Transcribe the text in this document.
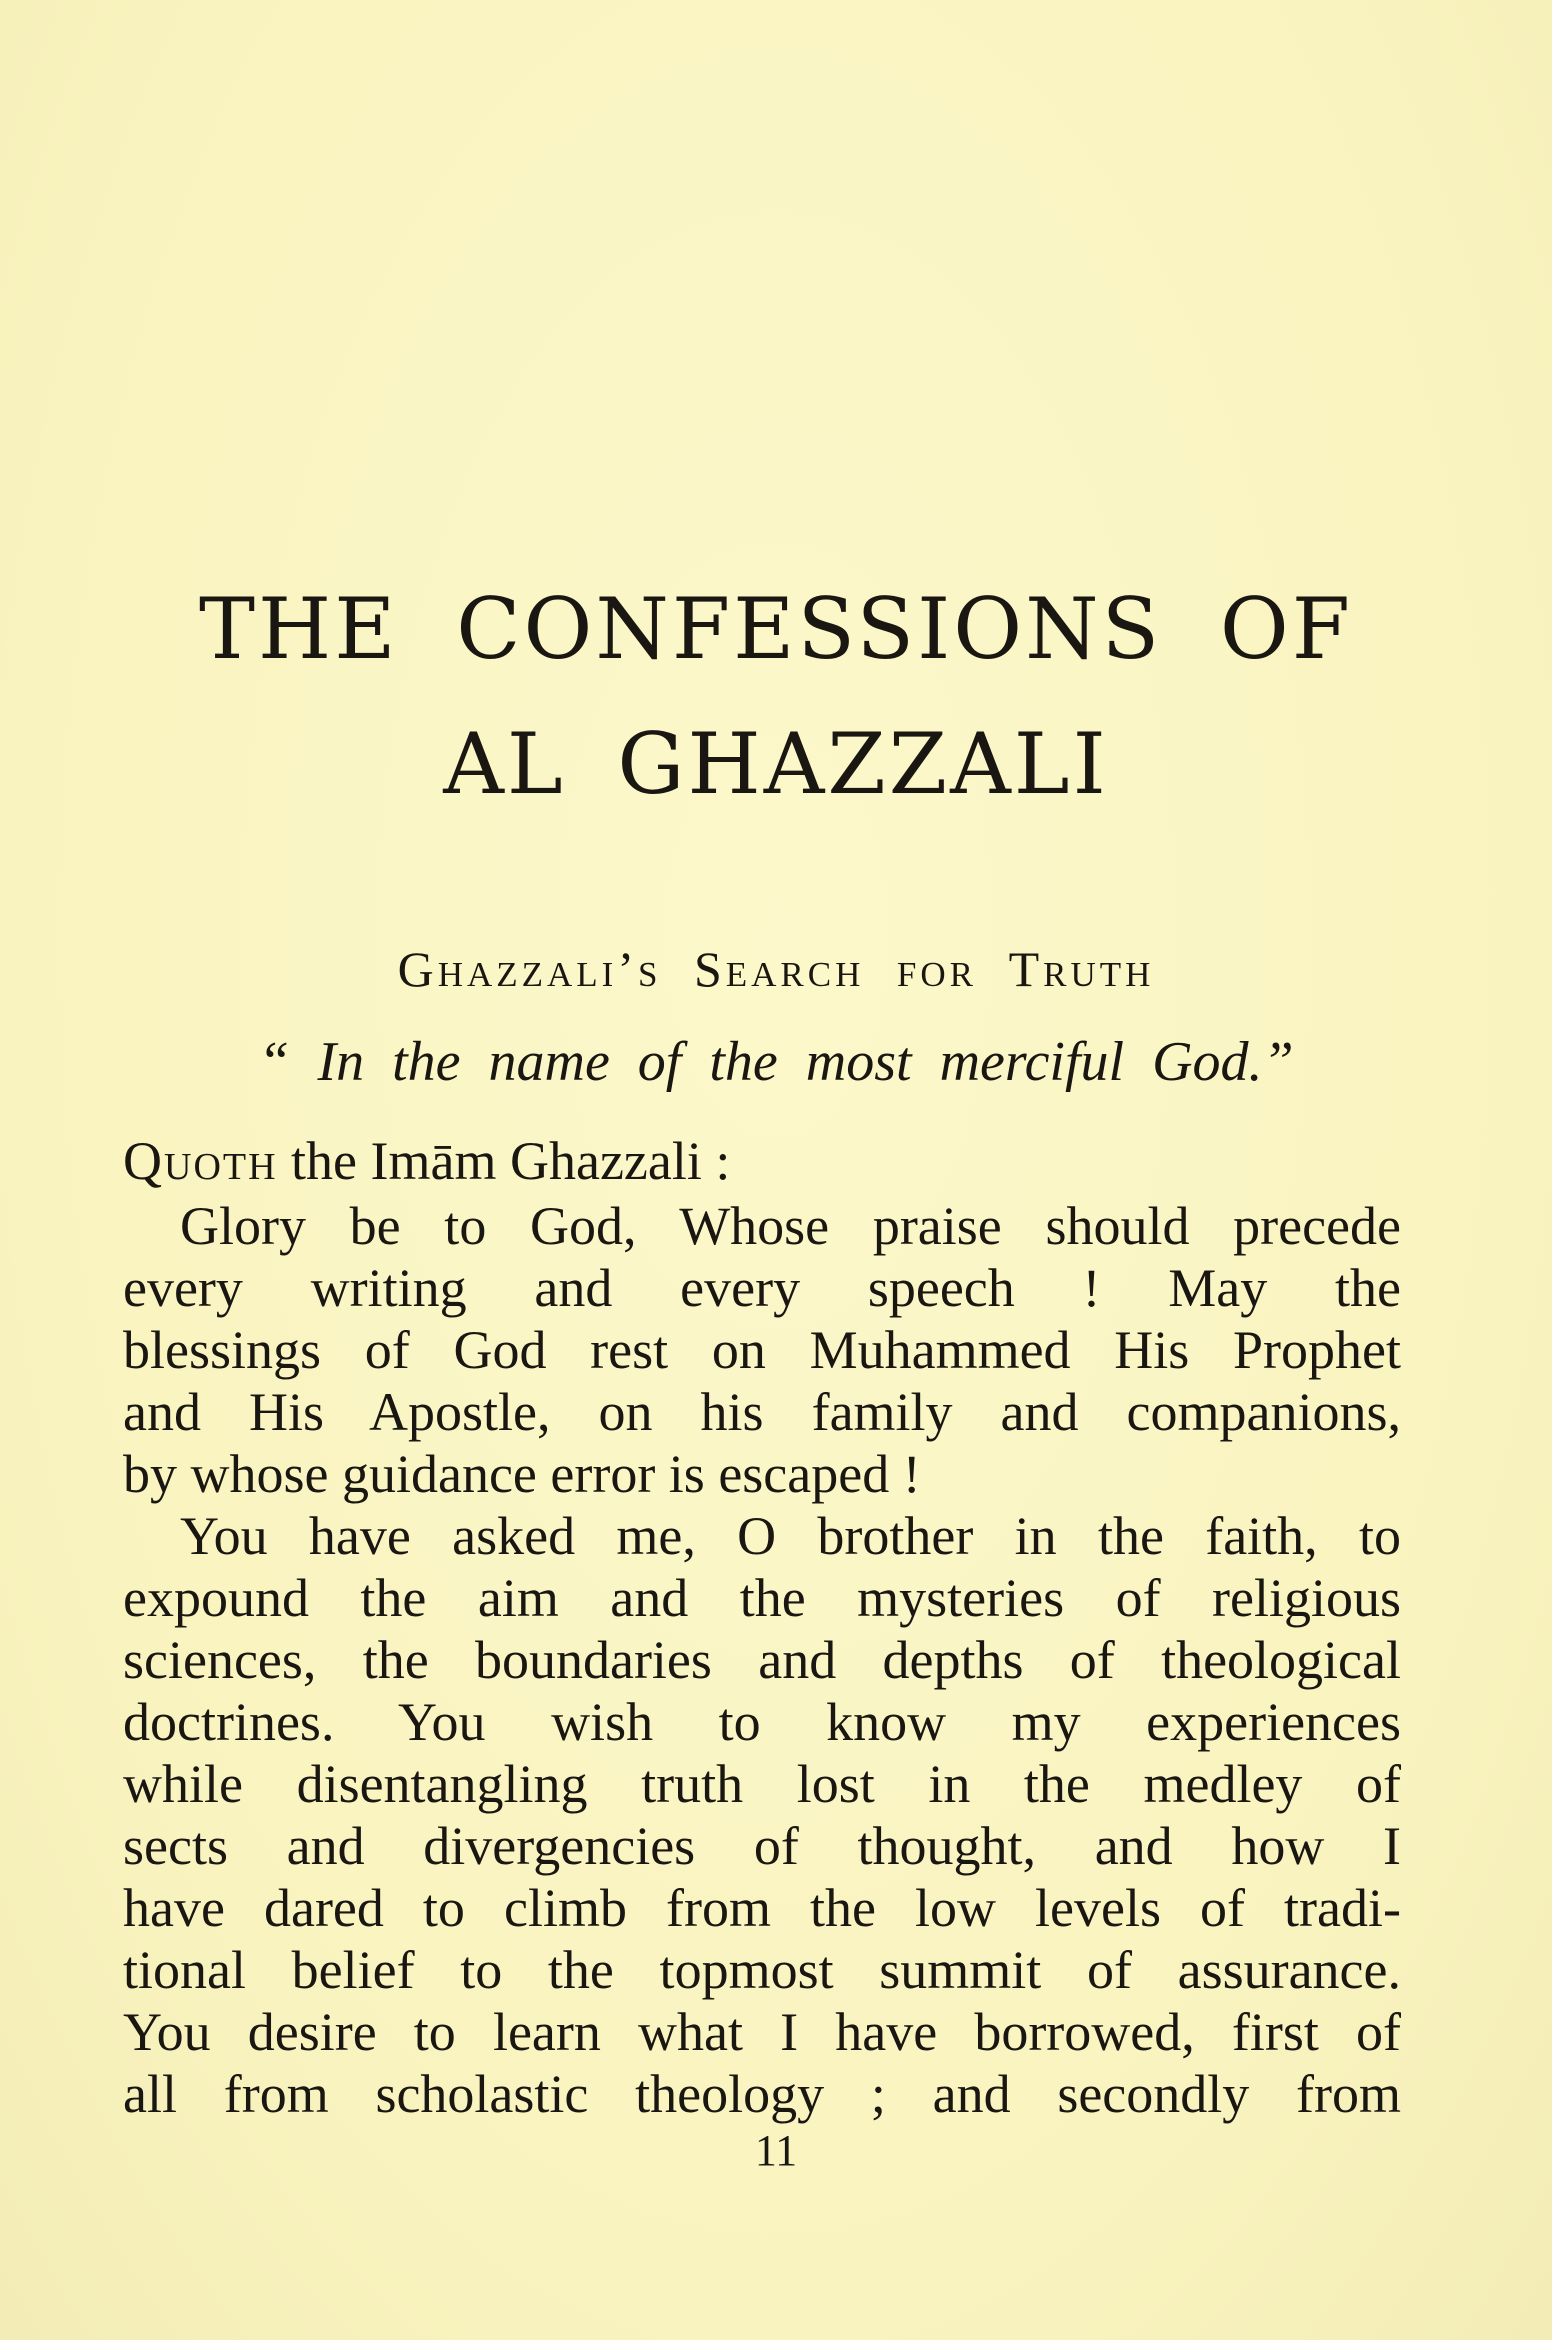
THE CONFESSIONS OF
AL GHAZZALI
Ghazzali’s Search for Truth
“ In the name of the most merciful God.”
Quoth the Imām Ghazzali :
Glory be to God, Whose praise should precede
every writing and every speech ! May the
blessings of God rest on Muhammed His Prophet
and His Apostle, on his family and companions,
by whose guidance error is escaped !
You have asked me, O brother in the faith, to
expound the aim and the mysteries of religious
sciences, the boundaries and depths of theological
doctrines. You wish to know my experiences
while disentangling truth lost in the medley of
sects and divergencies of thought, and how I
have dared to climb from the low levels of tradi-
tional belief to the topmost summit of assurance.
You desire to learn what I have borrowed, first of
all from scholastic theology ; and secondly from
11
